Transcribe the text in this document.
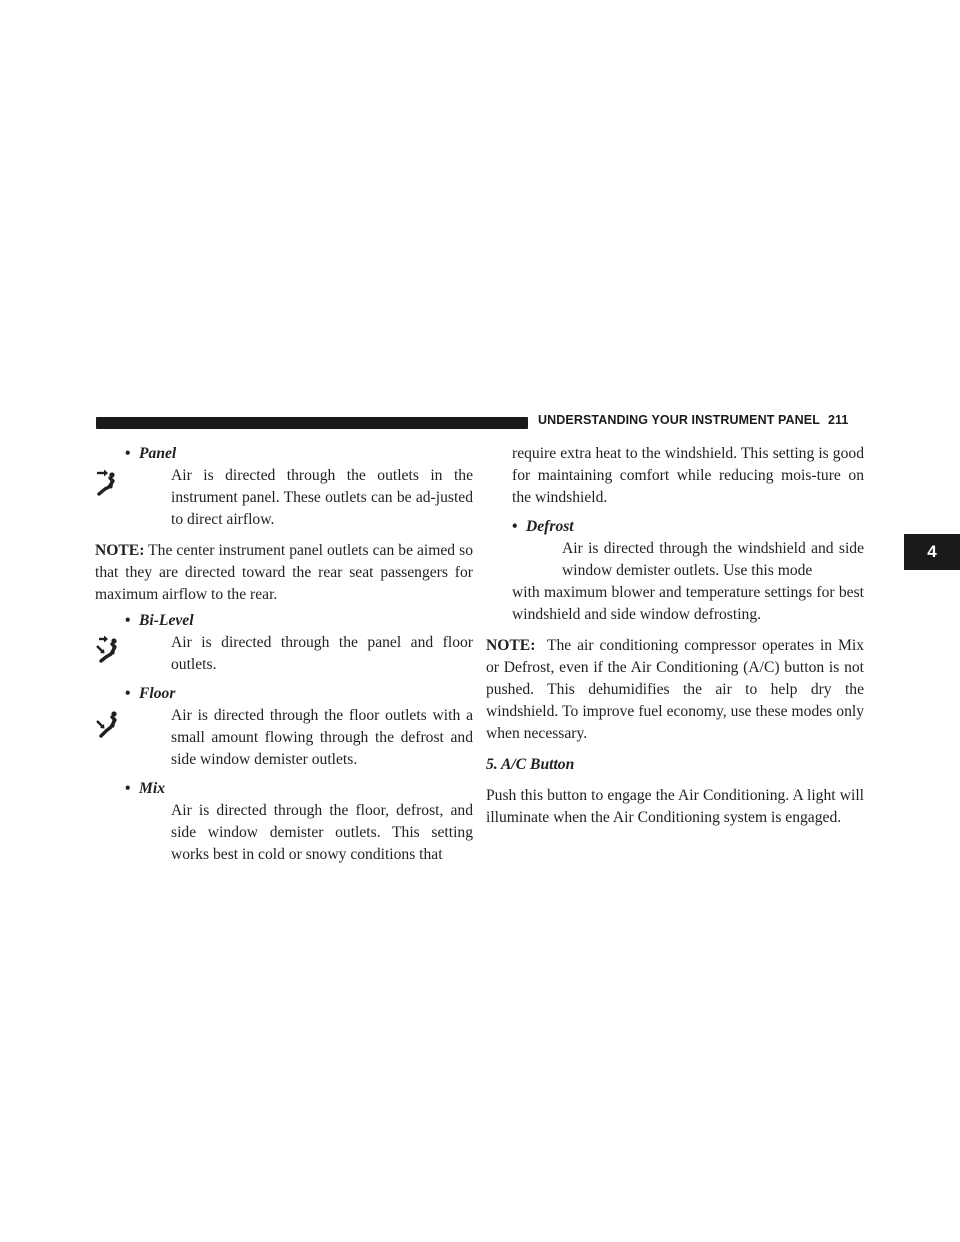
UNDERSTANDING YOUR INSTRUMENT PANEL 211
4
• Panel
Air is directed through the outlets in the instrument panel. These outlets can be ad-justed to direct airflow.
NOTE: The center instrument panel outlets can be aimed so that they are directed toward the rear seat passengers for maximum airflow to the rear.
• Bi-Level
Air is directed through the panel and floor outlets.
• Floor
Air is directed through the floor outlets with a small amount flowing through the defrost and side window demister outlets.
• Mix
Air is directed through the floor, defrost, and side window demister outlets. This setting works best in cold or snowy conditions that
require extra heat to the windshield. This setting is good for maintaining comfort while reducing mois-ture on the windshield.
• Defrost
Air is directed through the windshield and side window demister outlets. Use this mode
with maximum blower and temperature settings for best windshield and side window defrosting.
NOTE:  The air conditioning compressor operates in Mix or Defrost, even if the Air Conditioning (A/C) button is not pushed. This dehumidifies the air to help dry the windshield. To improve fuel economy, use these modes only when necessary.
5. A/C Button
Push this button to engage the Air Conditioning. A light will illuminate when the Air Conditioning system is engaged.
